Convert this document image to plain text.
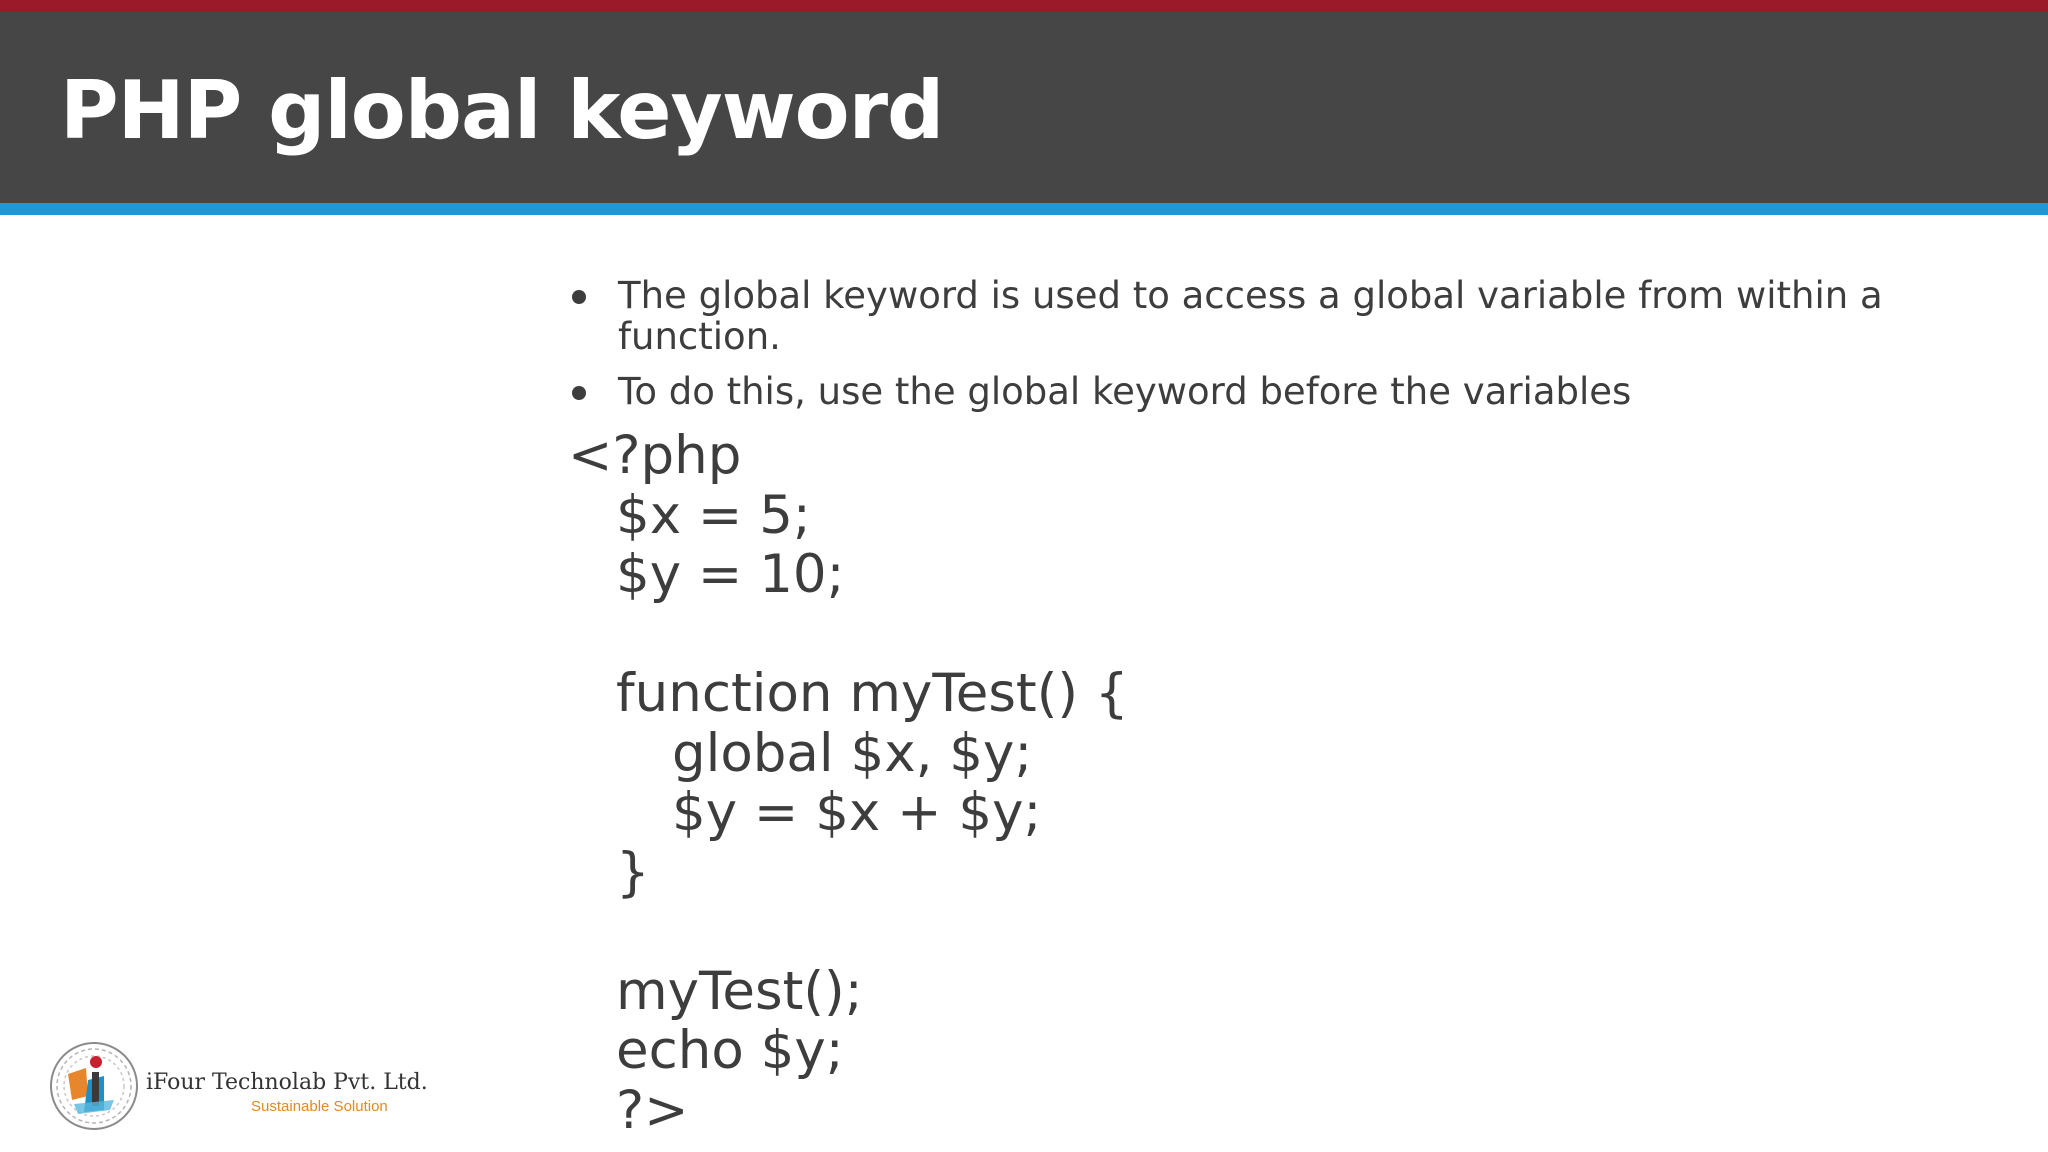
PHP global keyword
The global keyword is used to access a global variable from within a function.
To do this, use the global keyword before the variables
<?php
$x = 5;
$y = 10;
function myTest() {
global $x, $y;
$y = $x + $y;
}
myTest();
echo $y;
?>
iFour Technolab Pvt. Ltd.
Sustainable Solution
